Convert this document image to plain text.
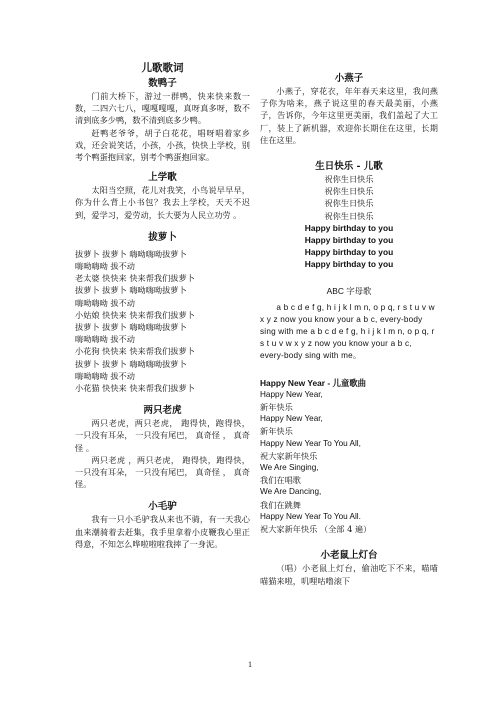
儿歌歌词

数鸭子

门前大桥下，游过一群鸭，快来快来数一数，二四六七八，嘎嘎嘎嘎，真呀真多呀，数不清到底多少鸭，数不清到底多少鸭。

赶鸭老爷爷，胡子白花花，唱呀唱着家乡戏，还会说笑话，小孩，小孩，快快上学校，别考个鸭蛋抱回家，别考个鸭蛋抱回家。

上学歌

太阳当空照，花儿对我笑，小鸟说早早早，你为什么背上小书包？我去上学校，天天不迟到，爱学习，爱劳动，长大要为人民立功劳 。

拔萝卜

拔萝卜 拔萝卜 嗨呦嗨呦拔萝卜

嗨呦嗨呦 拔不动

老太婆 快快来 快来帮我们拔萝卜

拔萝卜 拔萝卜 嗨呦嗨呦拔萝卜

嗨呦嗨呦 拔不动

小姑娘 快快来 快来帮我们拔萝卜

拔萝卜 拔萝卜 嗨呦嗨呦拔萝卜

嗨呦嗨呦 拔不动

小花狗 快快来 快来帮我们拔萝卜

拔萝卜 拔萝卜 嗨呦嗨呦拔萝卜

嗨呦嗨呦 拔不动

小花猫 快快来 快来帮我们拔萝卜

两只老虎

两只老虎，两只老虎， 跑得快，跑得快， 一只没有耳朵， 一只没有尾巴， 真奇怪 ， 真奇怪 。

两只老虎 ，两只老虎， 跑得快，跑得快， 一只没有耳朵， 一只没有尾巴， 真奇怪 ， 真奇怪。

小毛驴

我有一只小毛驴我从来也不骑，有一天我心血来潮骑着去赶集，我手里拿着小皮鞭我心里正得意，不知怎么哗啦啦啦我摔了一身泥。

小燕子

小燕子，穿花衣，年年春天来这里，我问燕子你为啥来，燕子说这里的春天最美丽，小燕子，告诉你，今年这里更美丽，我们盖起了大工厂，装上了新机器，欢迎你长期住在这里，长期住在这里。

生日快乐 - 儿歌

祝你生日快乐

祝你生日快乐

祝你生日快乐

祝你生日快乐

Happy birthday to you

Happy birthday to you

Happy birthday to you

Happy birthday to you

ABC 字母歌

a b c d e f g, h i j k l m n, o p q, r s t u v w x y z now you know your a b c, every-body sing with me a b c d e f g, h i j k l m n, o p q, r s t u v w x y z now you know your a b c, every-body sing with me。

Happy New Year - 儿童歌曲

Happy New Year,

新年快乐

Happy New Year,

新年快乐

Happy New Year To You All,

祝大家新年快乐

We Are Singing,

我们在唱歌

We Are Dancing,

我们在跳舞

Happy New Year To You All.

祝大家新年快乐 （全部 4 遍）

小老鼠上灯台

（唱）小老鼠上灯台，偷油吃下不来，喵喵喵猫来啦，叽哩咕噜滚下

1
